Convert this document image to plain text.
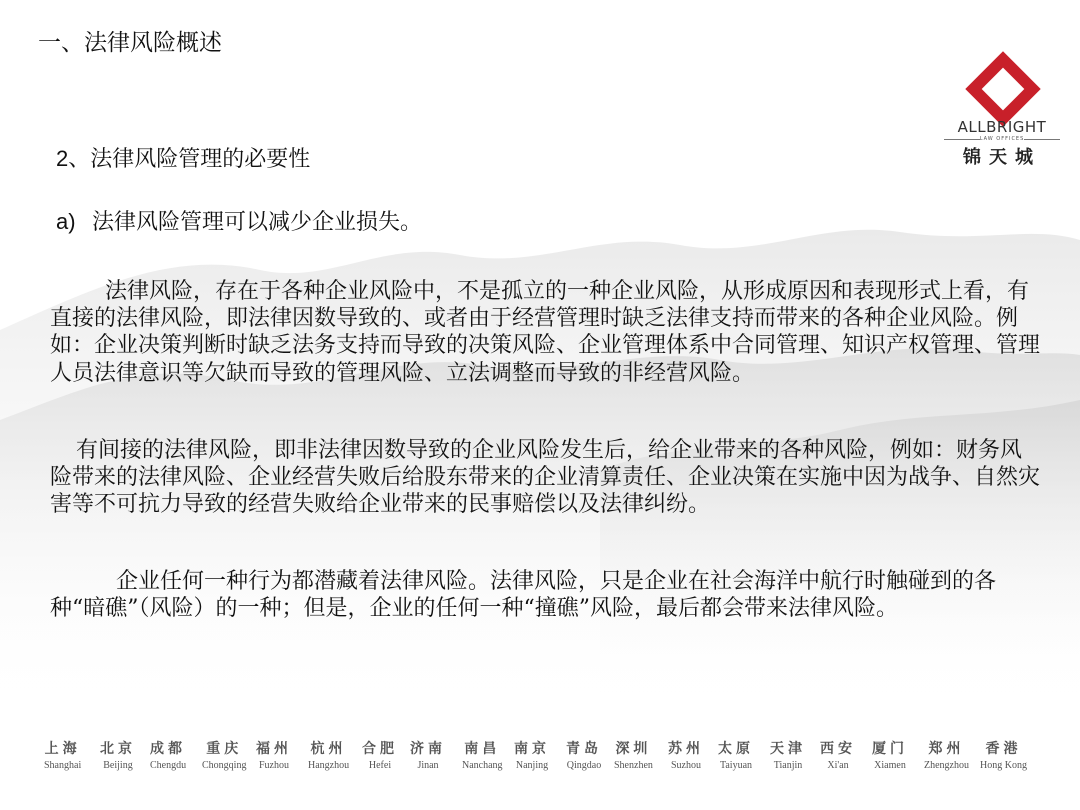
一、法律风险概述
ALLBRIGHT
LAW OFFICES
锦天城
2、法律风险管理的必要性
a) 法律风险管理可以减少企业损失。
法律风险，存在于各种企业风险中，不是孤立的一种企业风险，从形成原因和表现形式上看，有直接的法律风险，即法律因数导致的、或者由于经营管理时缺乏法律支持而带来的各种企业风险。例如：企业决策判断时缺乏法务支持而导致的决策风险、企业管理体系中合同管理、知识产权管理、管理人员法律意识等欠缺而导致的管理风险、立法调整而导致的非经营风险。
有间接的法律风险，即非法律因数导致的企业风险发生后，给企业带来的各种风险，例如：财务风险带来的法律风险、企业经营失败后给股东带来的企业清算责任、企业决策在实施中因为战争、自然灾害等不可抗力导致的经营失败给企业带来的民事赔偿以及法律纠纷。
企业任何一种行为都潜藏着法律风险。法律风险，只是企业在社会海洋中航行时触碰到的各种“暗礁”（风险）的一种；但是，企业的任何一种“撞礁”风险，最后都会带来法律风险。
上海
Shanghai
北京
Beijing
成都
Chengdu
重庆
Chongqing
福州
Fuzhou
杭州
Hangzhou
合肥
Hefei
济南
Jinan
南昌
Nanchang
南京
Nanjing
青岛
Qingdao
深圳
Shenzhen
苏州
Suzhou
太原
Taiyuan
天津
Tianjin
西安
Xi'an
厦门
Xiamen
郑州
Zhengzhou
香港
Hong Kong
